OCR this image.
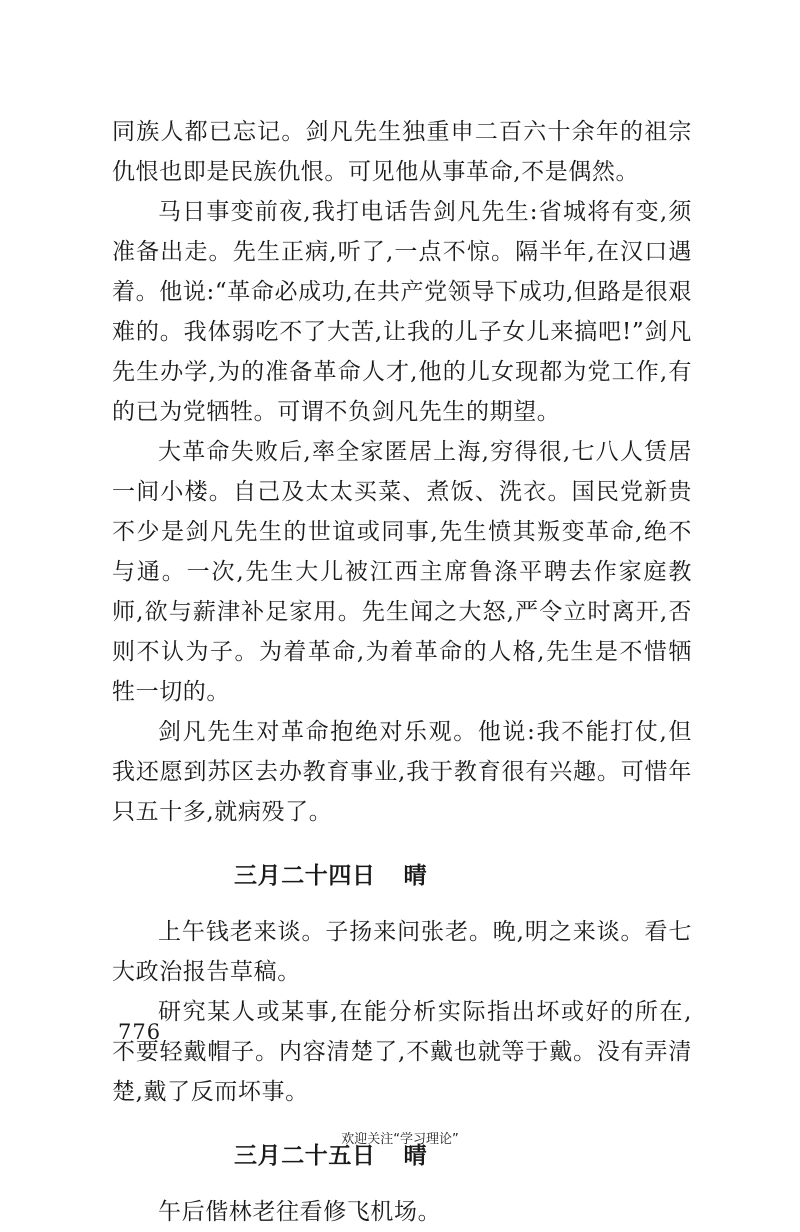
同族人都已忘记。剑凡先生独重申二百六十余年的祖宗仇恨也即是民族仇恨。可见他从事革命,不是偶然。

马日事变前夜,我打电话告剑凡先生:省城将有变,须准备出走。先生正病,听了,一点不惊。隔半年,在汉口遇着。他说:“革命必成功,在共产党领导下成功,但路是很艰难的。我体弱吃不了大苦,让我的儿子女儿来搞吧!”剑凡先生办学,为的准备革命人才,他的儿女现都为党工作,有的已为党牺牲。可谓不负剑凡先生的期望。

大革命失败后,率全家匿居上海,穷得很,七八人赁居一间小楼。自己及太太买菜、煮饭、洗衣。国民党新贵不少是剑凡先生的世谊或同事,先生愤其叛变革命,绝不与通。一次,先生大儿被江西主席鲁涤平聘去作家庭教师,欲与薪津补足家用。先生闻之大怒,严令立时离开,否则不认为子。为着革命,为着革命的人格,先生是不惜牺牲一切的。

剑凡先生对革命抱绝对乐观。他说:我不能打仗,但我还愿到苏区去办教育事业,我于教育很有兴趣。可惜年只五十多,就病殁了。

三月二十四日 晴

上午钱老来谈。子扬来问张老。晚,明之来谈。看七大政治报告草稿。

研究某人或某事,在能分析实际指出坏或好的所在,不要轻戴帽子。内容清楚了,不戴也就等于戴。没有弄清楚,戴了反而坏事。

三月二十五日 晴

午后偕林老往看修飞机场。

776
欢迎关注“学习理论”
